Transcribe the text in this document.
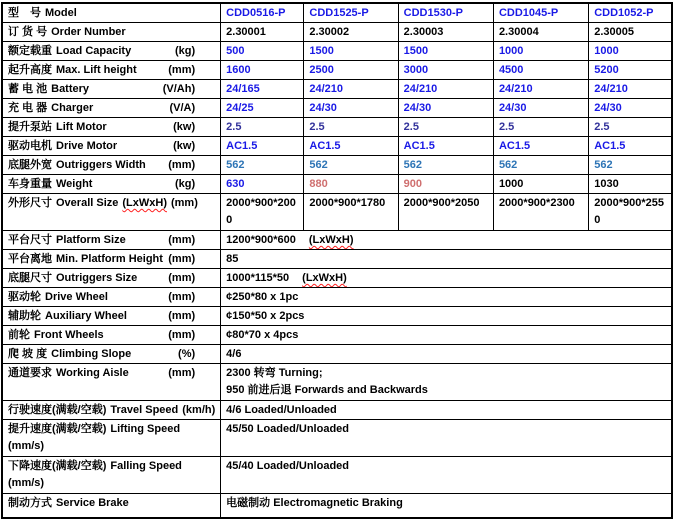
型　号 Model	CDD0516-P	CDD1525-P	CDD1530-P	CDD1045-P	CDD1052-P

订 货 号 Order Number	2.30001	2.30002	2.30003	2.30004	2.30005

额定载重 Load Capacity (kg)	500	1500	1500	1000	1000

起升高度 Max. Lift height (mm)	1600	2500	3000	4500	5200

蓄 电 池 Battery (V/Ah)	24/165	24/210	24/210	24/210	24/210

充 电 器 Charger (V/A)	24/25	24/30	24/30	24/30	24/30

提升泵站 Lift Motor (kw)	2.5	2.5	2.5	2.5	2.5

驱动电机 Drive Motor (kw)	AC1.5	AC1.5	AC1.5	AC1.5	AC1.5

底腿外宽 Outriggers Width (mm)	562	562	562	562	562

车身重量 Weight (kg)	630	880	900	1000	1030

外形尺寸 Overall Size (LxWxH) (mm)	2000*900*2000	2000*900*1780	2000*900*2050	2000*900*2300	2000*900*2550

平台尺寸 Platform Size (mm)	1200*900*600 (LxWxH)				

平台离地 Min. Platform Height (mm)	85				

底腿尺寸 Outriggers Size (mm)	1000*115*50 (LxWxH)				

驱动轮 Drive Wheel (mm)	¢250*80 x 1pc				

辅助轮 Auxiliary Wheel (mm)	¢150*50 x 2pcs				

前轮 Front Wheels (mm)	¢80*70 x 4pcs				

爬 坡 度 Climbing Slope (%)	4/6				

通道要求 Working Aisle (mm)	2300 转弯 Turning;
950 前进后退 Forwards and Backwards				

行驶速度(满载/空载) Travel Speed (km/h)	4/6 Loaded/Unloaded				

提升速度(满载/空载) Lifting Speed
(mm/s)	45/50 Loaded/Unloaded				

下降速度(满载/空载) Falling Speed
(mm/s)	45/40 Loaded/Unloaded				

制动方式 Service Brake	电磁制动 Electromagnetic Braking				
